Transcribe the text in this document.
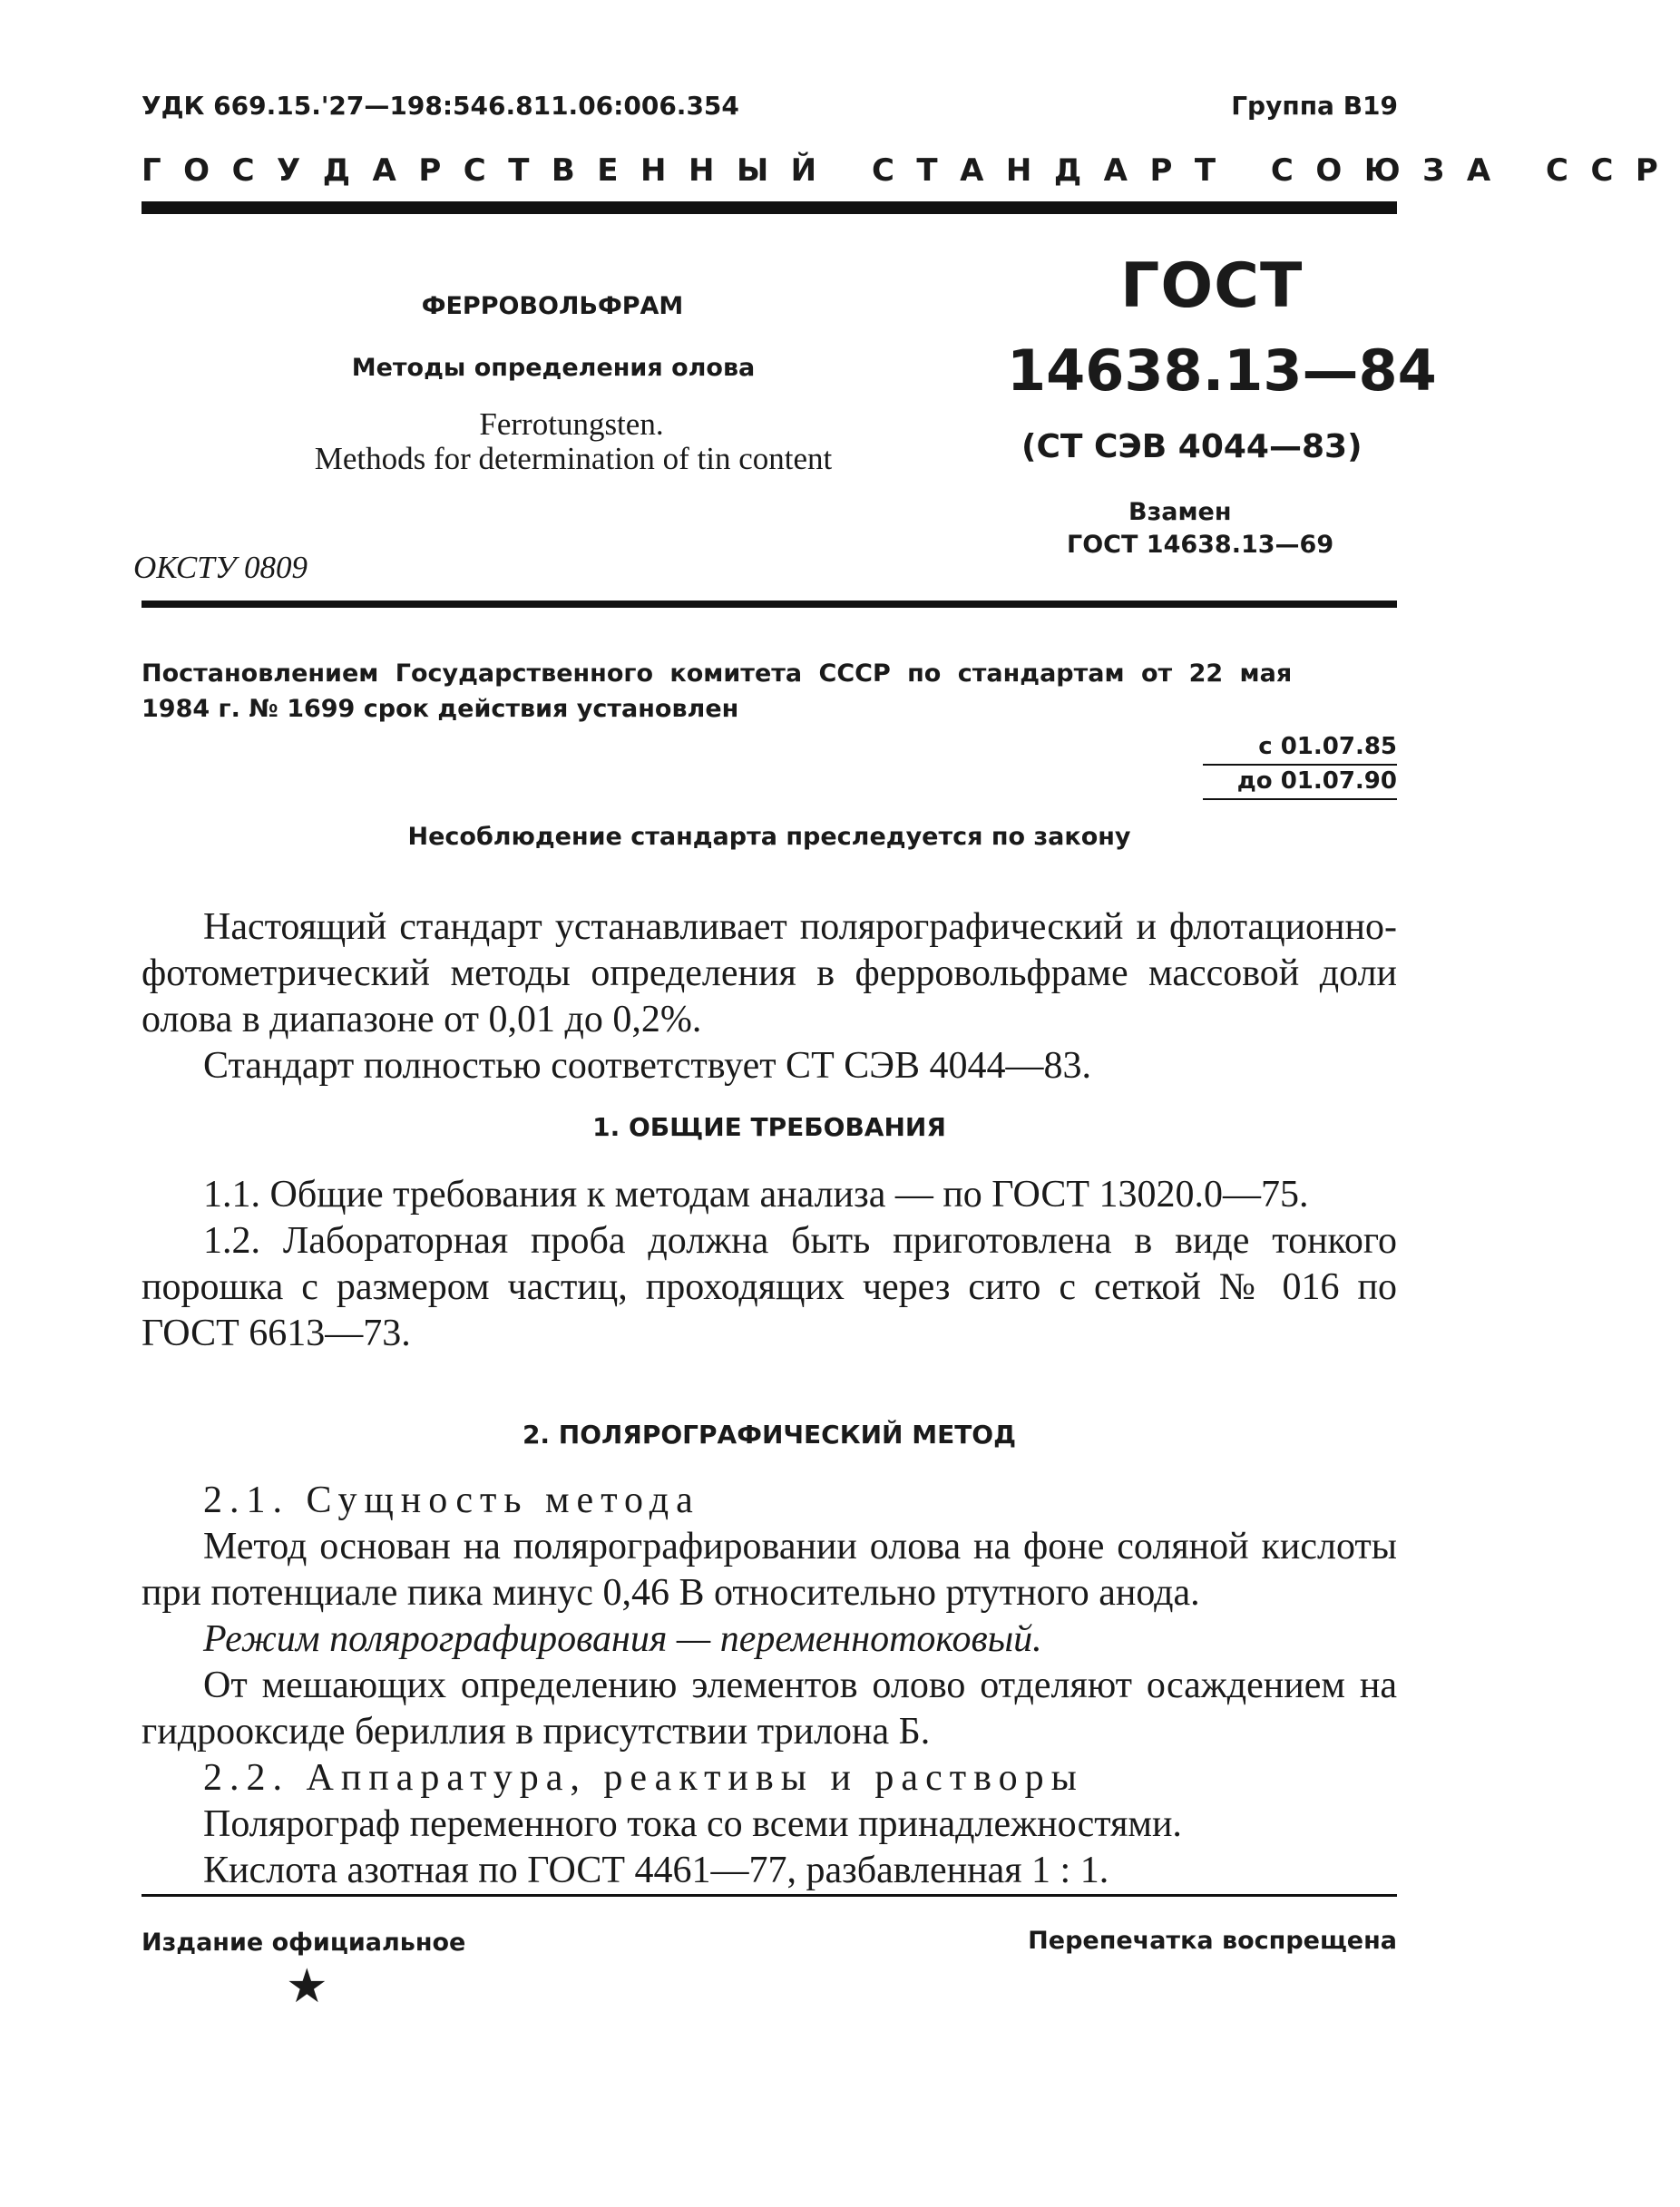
УДК 669.15.'27—198:546.811.06:006.354	Группа В19
ГОСУДАРСТВЕННЫЙ СТАНДАРТ СОЮЗА ССР
ФЕРРОВОЛЬФРАМ
Методы определения олова
Ferrotungsten.
Methods for determination of tin content
ОКСТУ 0809
ГОСТ
14638.13—84
(СТ СЭВ 4044—83)
Взамен
ГОСТ 14638.13—69
Постановлением Государственного комитета СССР по стандартам от 22 мая
1984 г. № 1699 срок действия установлен
с 01.07.85
до 01.07.90
Несоблюдение стандарта преследуется по закону

Настоящий стандарт устанавливает полярографический и флотационно-фотометрический методы определения в ферровольфраме массовой доли олова в диапазоне от 0,01 до 0,2%.

Стандарт полностью соответствует СТ СЭВ 4044—83.

1. ОБЩИЕ ТРЕБОВАНИЯ

1.1. Общие требования к методам анализа — по ГОСТ 13020.0—75.

1.2. Лабораторная проба должна быть приготовлена в виде тонкого порошка с размером частиц, проходящих через сито с сеткой № 016 по ГОСТ 6613—73.

2. ПОЛЯРОГРАФИЧЕСКИЙ МЕТОД

2.1. Сущность метода

Метод основан на полярографировании олова на фоне соляной кислоты при потенциале пика минус 0,46 В относительно ртутного анода.

Режим полярографирования — переменнотоковый.

От мешающих определению элементов олово отделяют осаждением на гидрооксиде бериллия в присутствии трилона Б.

2.2. Аппаратура, реактивы и растворы

Полярограф переменного тока со всеми принадлежностями.

Кислота азотная по ГОСТ 4461—77, разбавленная 1 : 1.

Издание официальное	Перепечатка воспрещена
★
